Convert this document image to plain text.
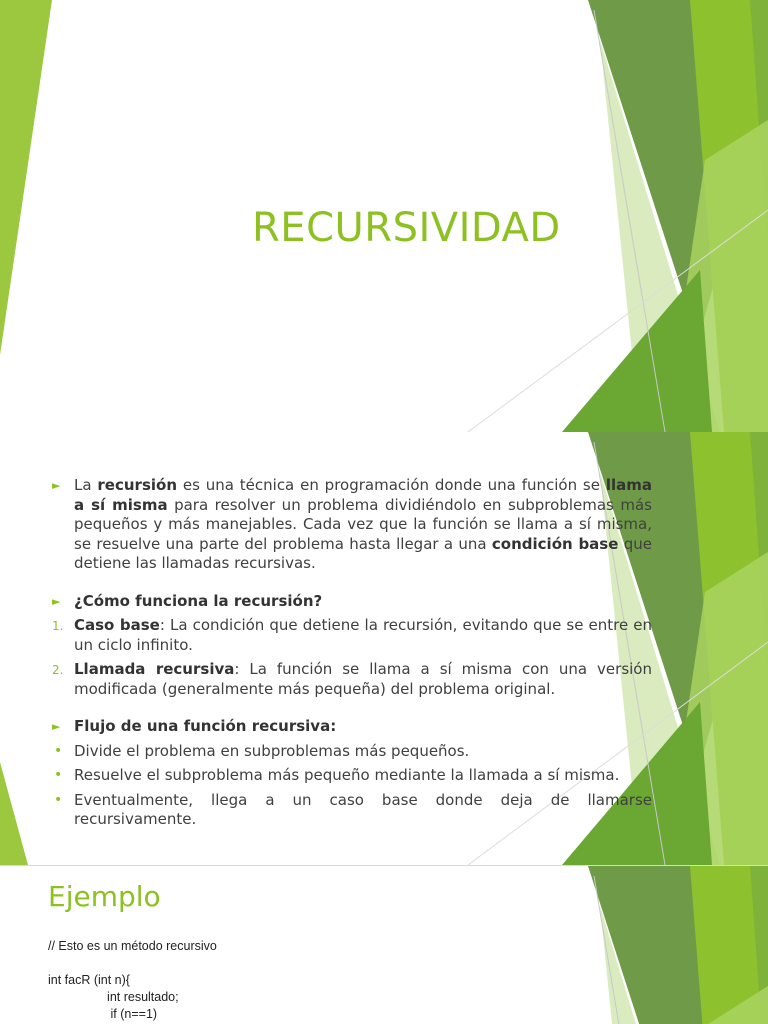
RECURSIVIDAD
► La recursión es una técnica en programación donde una función se llama a sí misma para resolver un problema dividiéndolo en subproblemas más pequeños y más manejables. Cada vez que la función se llama a sí misma, se resuelve una parte del problema hasta llegar a una condición base que detiene las llamadas recursivas.
► ¿Cómo funciona la recursión?
1. Caso base: La condición que detiene la recursión, evitando que se entre en un ciclo infinito.
2. Llamada recursiva: La función se llama a sí misma con una versión modificada (generalmente más pequeña) del problema original.
► Flujo de una función recursiva:
• Divide el problema en subproblemas más pequeños.
• Resuelve el subproblema más pequeño mediante la llamada a sí misma.
• Eventualmente, llega a un caso base donde deja de llamarse recursivamente.
Ejemplo
// Esto es un método recursivo

int facR (int n){
int resultado;
if (n==1)
